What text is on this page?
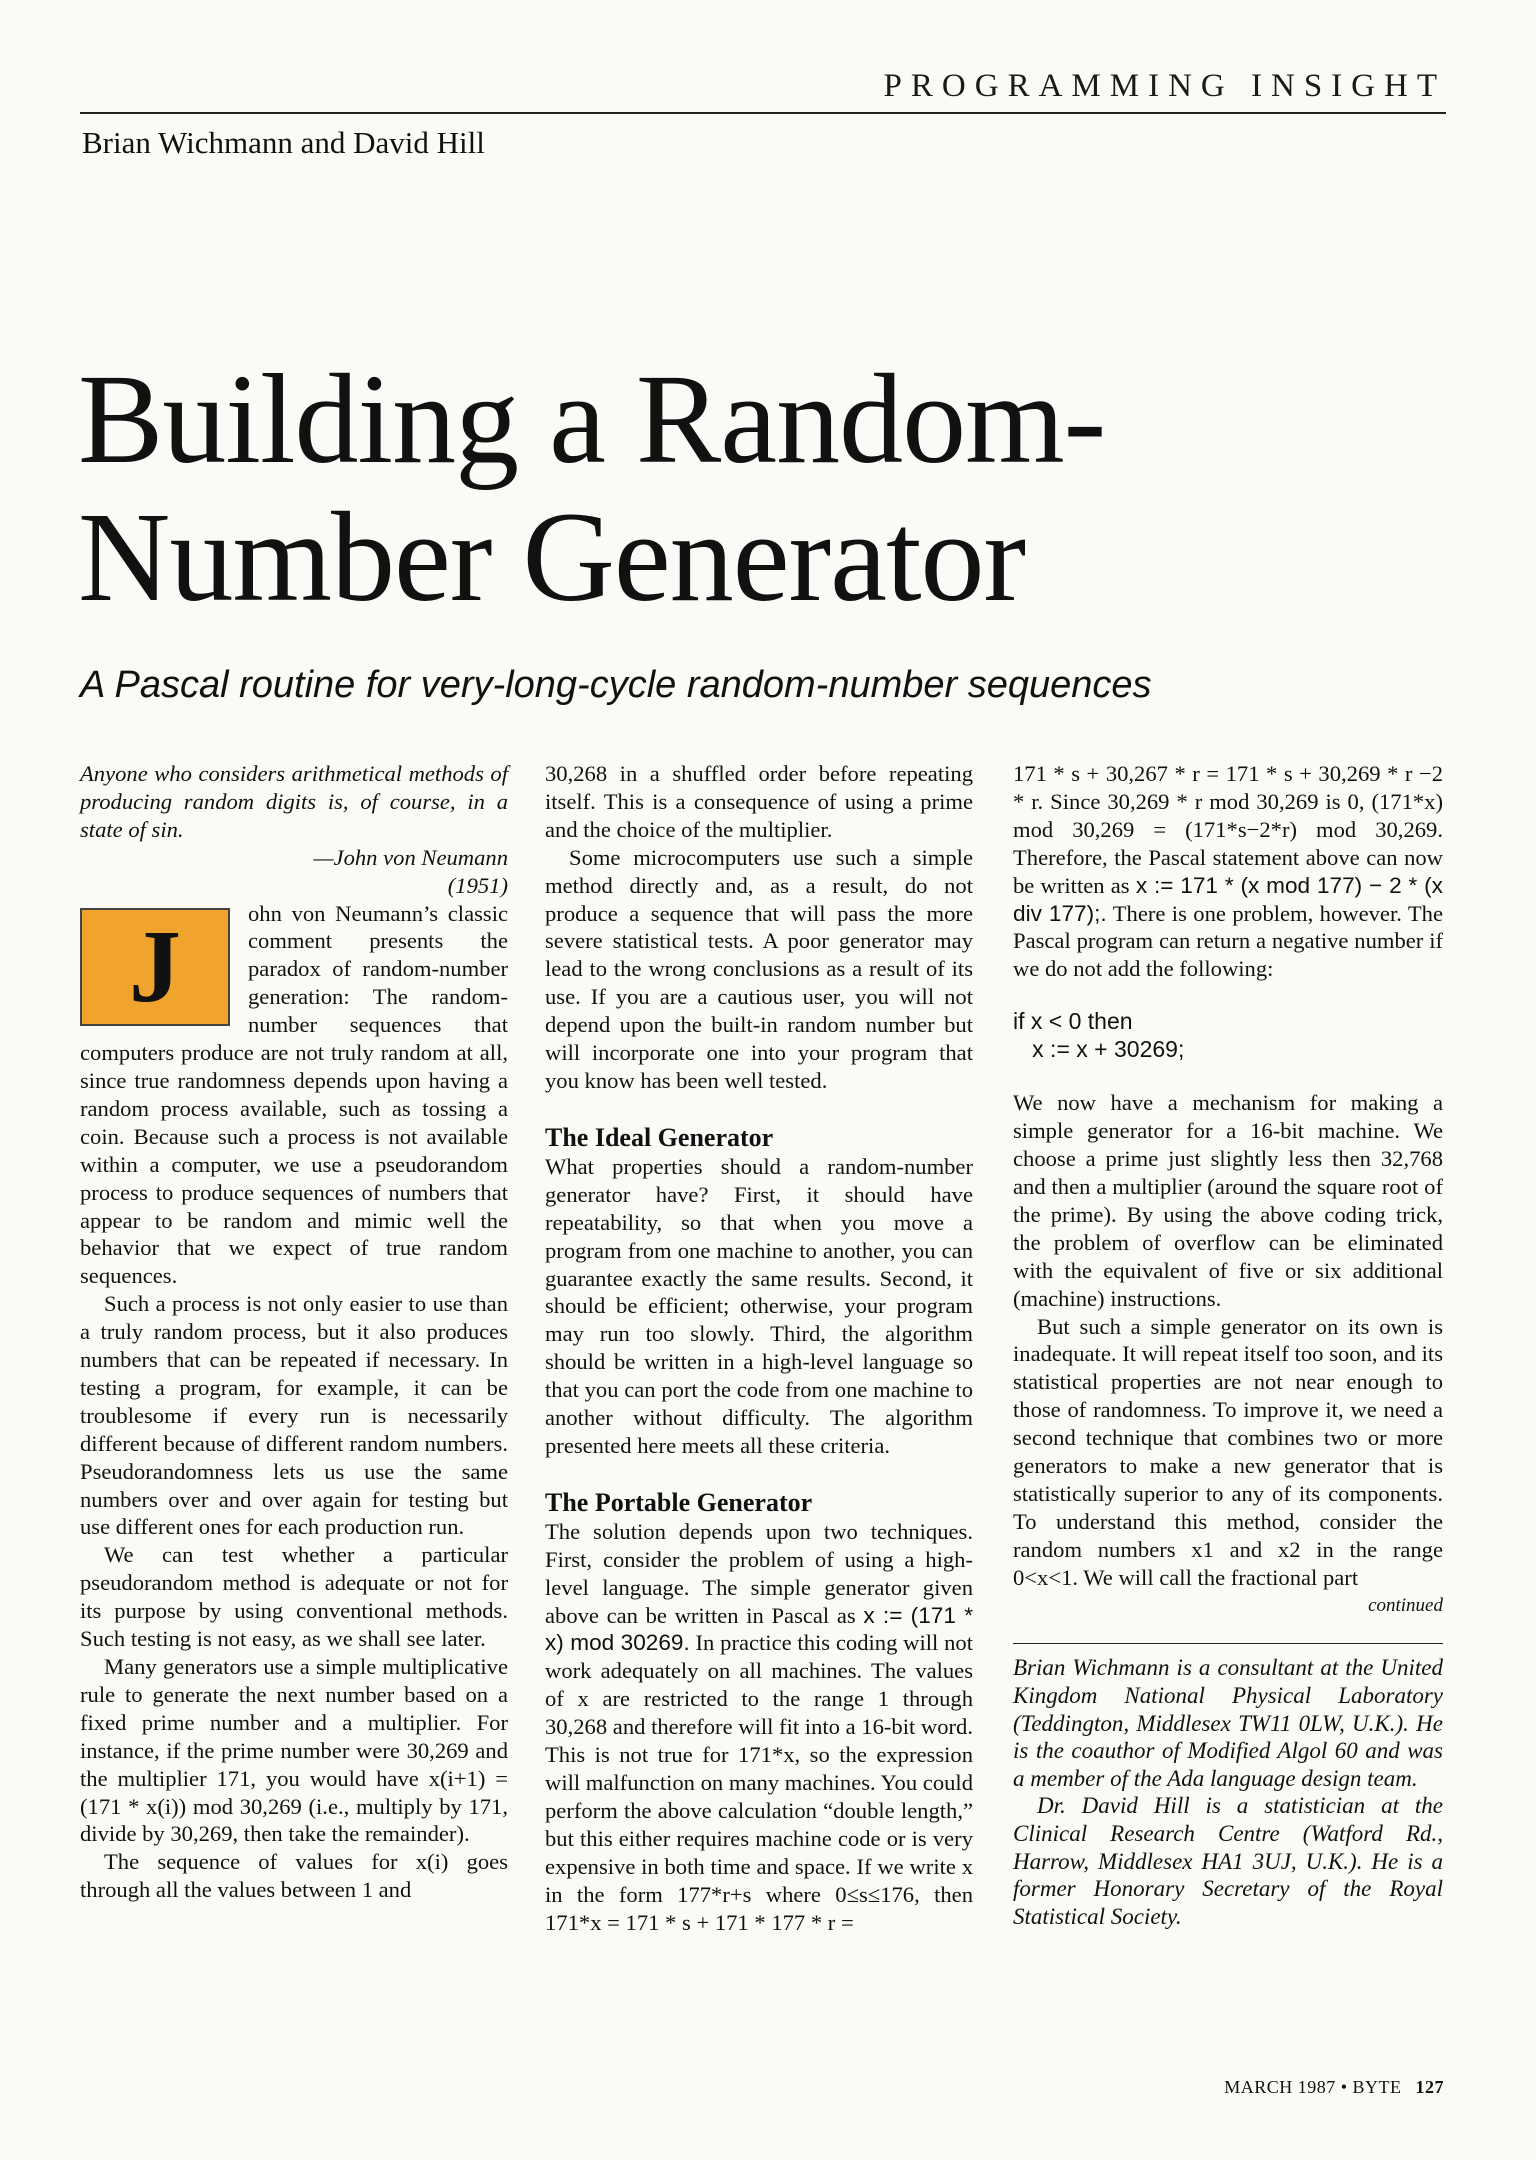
PROGRAMMING INSIGHT
Brian Wichmann and David Hill
Building a Random-
Number Generator
A Pascal routine for very-long-cycle random-number sequences

Anyone who considers arithmetical methods of producing random digits is, of course, in a state of sin.

—John von Neumann

(1951)

J	ohn von Neumann’s classic comment presents the paradox of random-number generation: The random-number sequences that computers produce are not truly random at all, since true randomness depends upon having a random process available, such as tossing a coin. Because such a process is not available within a computer, we use a pseudorandom process to produce sequences of numbers that appear to be random and mimic well the behavior that we expect of true random sequences.

Such a process is not only easier to use than a truly random process, but it also produces numbers that can be repeated if necessary. In testing a program, for example, it can be troublesome if every run is necessarily different because of different random numbers. Pseudorandomness lets us use the same numbers over and over again for testing but use different ones for each production run.

We can test whether a particular pseudorandom method is adequate or not for its purpose by using conventional methods. Such testing is not easy, as we shall see later.

Many generators use a simple multiplicative rule to generate the next number based on a fixed prime number and a multiplier. For instance, if the prime number were 30,269 and the multiplier 171, you would have x(i+1) = (171 * x(i)) mod 30,269 (i.e., multiply by 171, divide by 30,269, then take the remainder).

The sequence of values for x(i) goes through all the values between 1 and

30,268 in a shuffled order before repeating itself. This is a consequence of using a prime and the choice of the multiplier.

Some microcomputers use such a simple method directly and, as a result, do not produce a sequence that will pass the more severe statistical tests. A poor generator may lead to the wrong conclusions as a result of its use. If you are a cautious user, you will not depend upon the built-in random number but will incorporate one into your program that you know has been well tested.

The Ideal Generator

What properties should a random-number generator have? First, it should have repeatability, so that when you move a program from one machine to another, you can guarantee exactly the same results. Second, it should be efficient; otherwise, your program may run too slowly. Third, the algorithm should be written in a high-level language so that you can port the code from one machine to another without difficulty. The algorithm presented here meets all these criteria.

The Portable Generator

The solution depends upon two techniques. First, consider the problem of using a high-level language. The simple generator given above can be written in Pascal as x := (171 * x) mod 30269. In practice this coding will not work adequately on all machines. The values of x are restricted to the range 1 through 30,268 and therefore will fit into a 16-bit word. This is not true for 171*x, so the expression will malfunction on many machines. You could perform the above calculation “double length,” but this either requires machine code or is very expensive in both time and space. If we write x in the form 177*r+s where 0≤s≤176, then 171*x = 171 * s + 171 * 177 * r =

171 * s + 30,267 * r = 171 * s + 30,269 * r −2 * r. Since 30,269 * r mod 30,269 is 0, (171*x) mod 30,269 = (171*s−2*r) mod 30,269. Therefore, the Pascal statement above can now be written as x := 171 * (x mod 177) − 2 * (x div 177);. There is one problem, however. The Pascal program can return a negative number if we do not add the following:

if x < 0 then
x := x + 30269;

We now have a mechanism for making a simple generator for a 16-bit machine. We choose a prime just slightly less then 32,768 and then a multiplier (around the square root of the prime). By using the above coding trick, the problem of overflow can be eliminated with the equivalent of five or six additional (machine) instructions.

But such a simple generator on its own is inadequate. It will repeat itself too soon, and its statistical properties are not near enough to those of randomness. To improve it, we need a second technique that combines two or more generators to make a new generator that is statistically superior to any of its components. To understand this method, consider the random numbers x1 and x2 in the range 0<x<1. We will call the fractional part

continued

Brian Wichmann is a consultant at the United Kingdom National Physical Laboratory (Teddington, Middlesex TW11 0LW, U.K.). He is the coauthor of Modified Algol 60 and was a member of the Ada language design team.

Dr. David Hill is a statistician at the Clinical Research Centre (Watford Rd., Harrow, Middlesex HA1 3UJ, U.K.). He is a former Honorary Secretary of the Royal Statistical Society.

MARCH 1987 • BYTE 127
